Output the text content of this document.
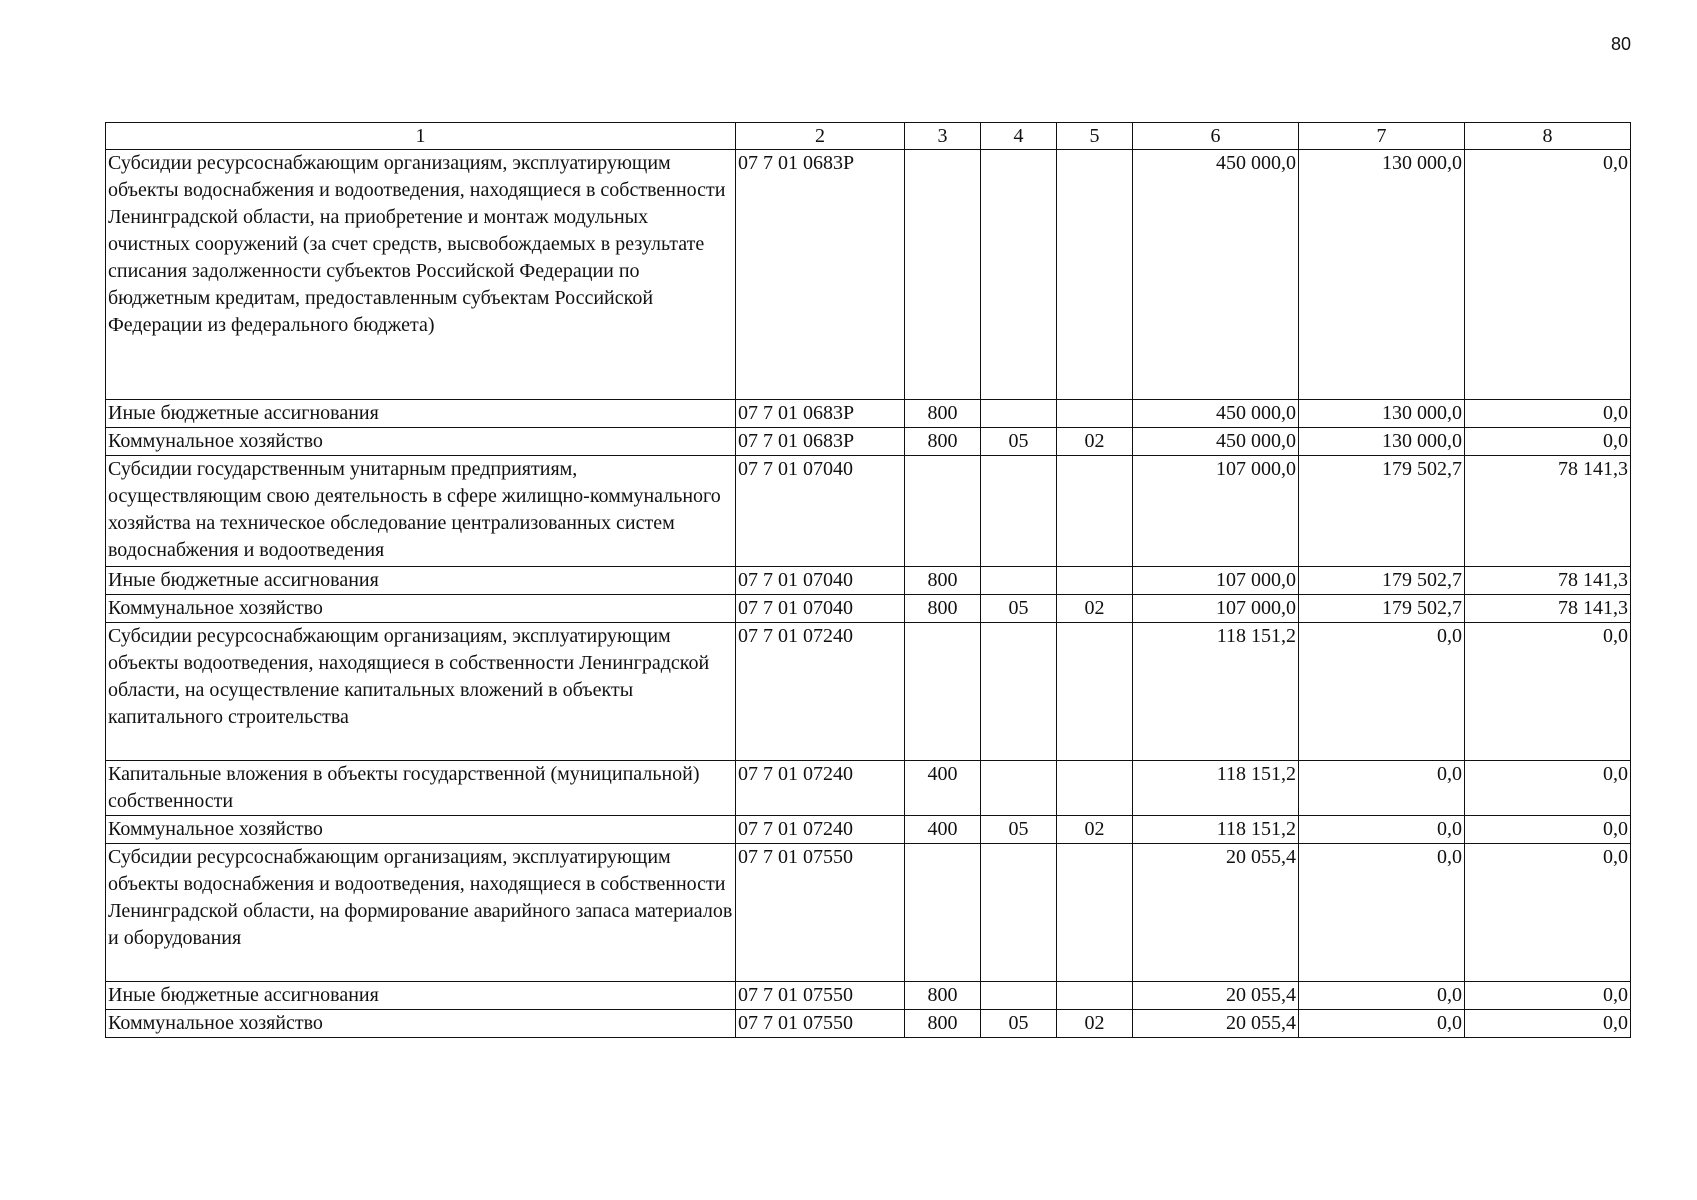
80
1	2	3	4	5	6	7	8
Субсидии ресурсоснабжающим организациям, эксплуатирующим объекты водоснабжения и водоотведения, находящиеся в собственности Ленинградской области, на приобретение и монтаж модульных очистных сооружений (за счет средств, высвобождаемых в результате списания задолженности субъектов Российской Федерации по бюджетным кредитам, предоставленным субъектам Российской Федерации из федерального бюджета)	07 7 01 0683Р				450 000,0	130 000,0	0,0
Иные бюджетные ассигнования	07 7 01 0683Р	800			450 000,0	130 000,0	0,0
Коммунальное хозяйство	07 7 01 0683Р	800	05	02	450 000,0	130 000,0	0,0
Субсидии государственным унитарным предприятиям, осуществляющим свою деятельность в сфере жилищно-коммунального хозяйства на техническое обследование централизованных систем водоснабжения и водоотведения	07 7 01 07040				107 000,0	179 502,7	78 141,3
Иные бюджетные ассигнования	07 7 01 07040	800			107 000,0	179 502,7	78 141,3
Коммунальное хозяйство	07 7 01 07040	800	05	02	107 000,0	179 502,7	78 141,3
Субсидии ресурсоснабжающим организациям, эксплуатирующим объекты водоотведения, находящиеся в собственности Ленинградской области, на осуществление капитальных вложений в объекты капитального строительства	07 7 01 07240				118 151,2	0,0	0,0
Капитальные вложения в объекты государственной (муниципальной) собственности	07 7 01 07240	400			118 151,2	0,0	0,0
Коммунальное хозяйство	07 7 01 07240	400	05	02	118 151,2	0,0	0,0
Субсидии ресурсоснабжающим организациям, эксплуатирующим объекты водоснабжения и водоотведения, находящиеся в собственности Ленинградской области, на формирование аварийного запаса материалов и оборудования	07 7 01 07550				20 055,4	0,0	0,0
Иные бюджетные ассигнования	07 7 01 07550	800			20 055,4	0,0	0,0
Коммунальное хозяйство	07 7 01 07550	800	05	02	20 055,4	0,0	0,0
